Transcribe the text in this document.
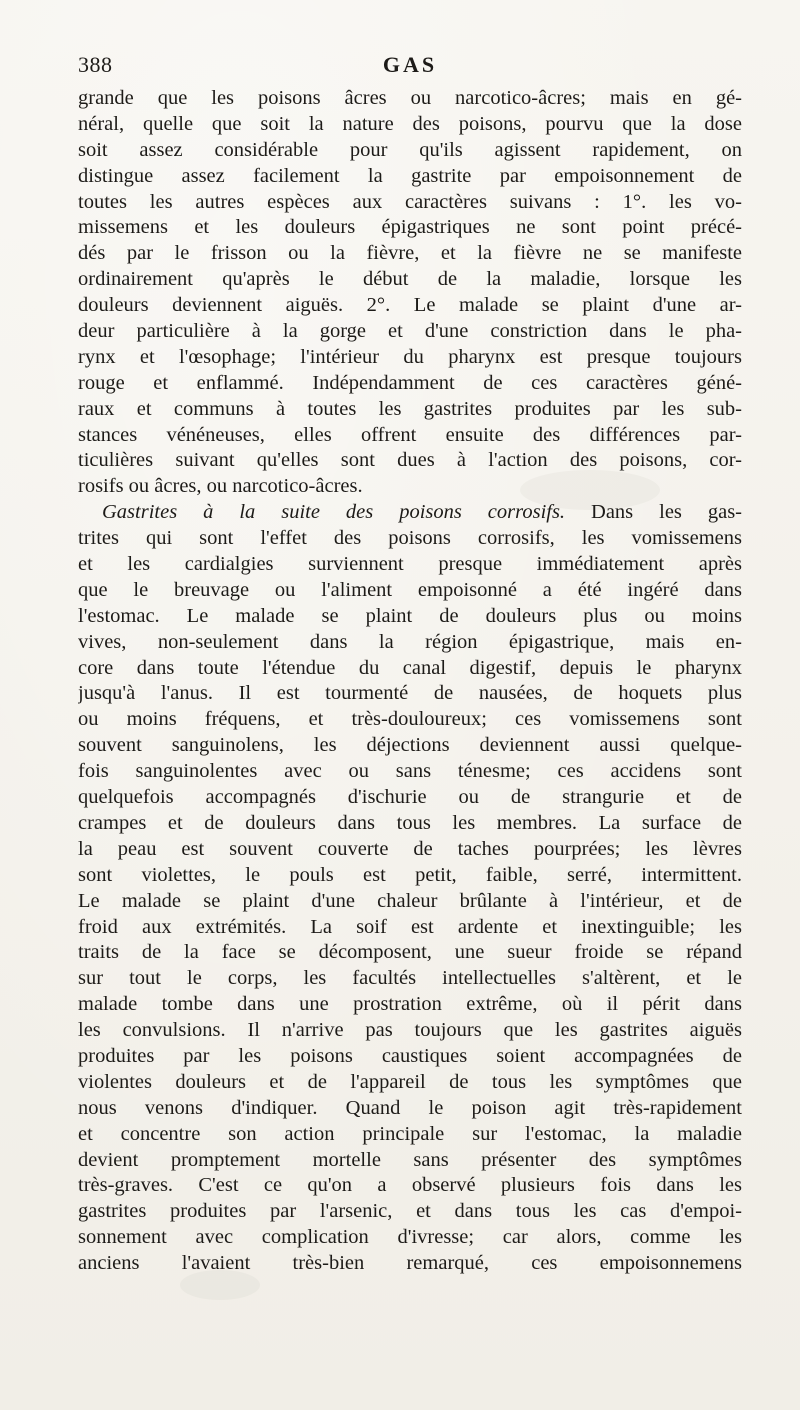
388	GAS
grande que les poisons âcres ou narcotico-âcres; mais en gé-
néral, quelle que soit la nature des poisons, pourvu que la dose
soit assez considérable pour qu'ils agissent rapidement, on
distingue assez facilement la gastrite par empoisonnement de
toutes les autres espèces aux caractères suivans : 1°. les vo-
missemens et les douleurs épigastriques ne sont point précé-
dés par le frisson ou la fièvre, et la fièvre ne se manifeste
ordinairement qu'après le début de la maladie, lorsque les
douleurs deviennent aiguës. 2°. Le malade se plaint d'une ar-
deur particulière à la gorge et d'une constriction dans le pha-
rynx et l'œsophage; l'intérieur du pharynx est presque toujours
rouge et enflammé. Indépendamment de ces caractères géné-
raux et communs à toutes les gastrites produites par les sub-
stances vénéneuses, elles offrent ensuite des différences par-
ticulières suivant qu'elles sont dues à l'action des poisons, cor-
rosifs ou âcres, ou narcotico-âcres.
Gastrites à la suite des poisons corrosifs. Dans les gas-
trites qui sont l'effet des poisons corrosifs, les vomissemens
et les cardialgies surviennent presque immédiatement après
que le breuvage ou l'aliment empoisonné a été ingéré dans
l'estomac. Le malade se plaint de douleurs plus ou moins
vives, non-seulement dans la région épigastrique, mais en-
core dans toute l'étendue du canal digestif, depuis le pharynx
jusqu'à l'anus. Il est tourmenté de nausées, de hoquets plus
ou moins fréquens, et très-douloureux; ces vomissemens sont
souvent sanguinolens, les déjections deviennent aussi quelque-
fois sanguinolentes avec ou sans ténesme; ces accidens sont
quelquefois accompagnés d'ischurie ou de strangurie et de
crampes et de douleurs dans tous les membres. La surface de
la peau est souvent couverte de taches pourprées; les lèvres
sont violettes, le pouls est petit, faible, serré, intermittent.
Le malade se plaint d'une chaleur brûlante à l'intérieur, et de
froid aux extrémités. La soif est ardente et inextinguible; les
traits de la face se décomposent, une sueur froide se répand
sur tout le corps, les facultés intellectuelles s'altèrent, et le
malade tombe dans une prostration extrême, où il périt dans
les convulsions. Il n'arrive pas toujours que les gastrites aiguës
produites par les poisons caustiques soient accompagnées de
violentes douleurs et de l'appareil de tous les symptômes que
nous venons d'indiquer. Quand le poison agit très-rapidement
et concentre son action principale sur l'estomac, la maladie
devient promptement mortelle sans présenter des symptômes
très-graves. C'est ce qu'on a observé plusieurs fois dans les
gastrites produites par l'arsenic, et dans tous les cas d'empoi-
sonnement avec complication d'ivresse; car alors, comme les
anciens l'avaient très-bien remarqué, ces empoisonnemens
